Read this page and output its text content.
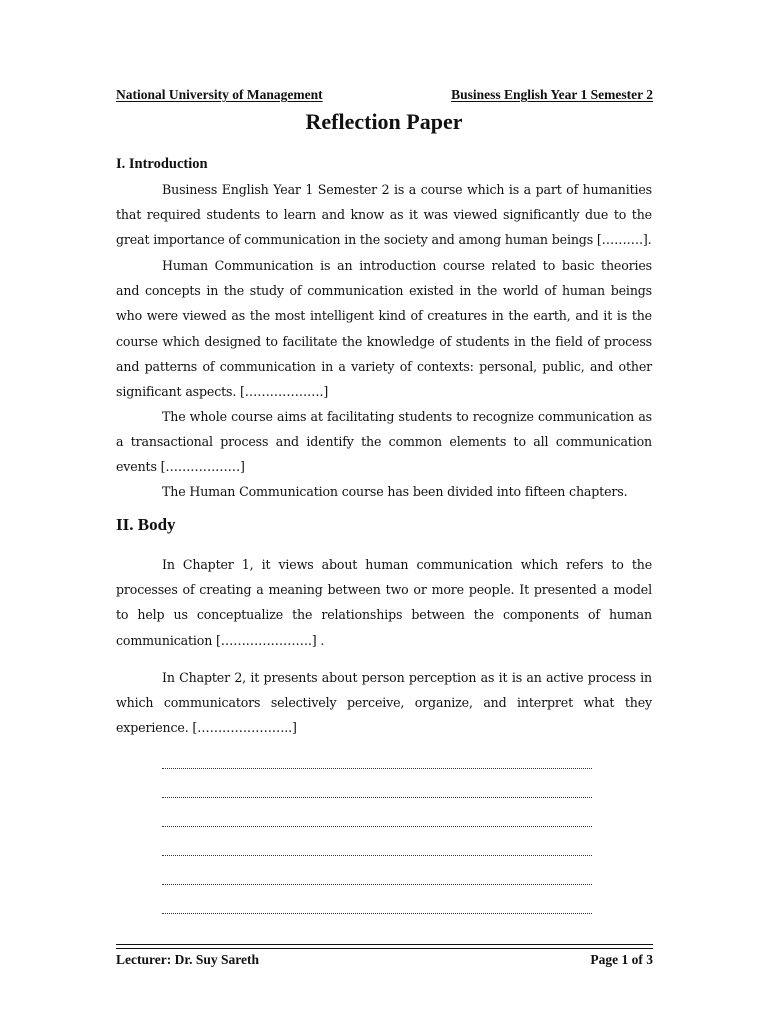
National University of Management	Business English Year 1 Semester 2
Reflection Paper
I. Introduction

Business English Year 1 Semester 2 is a course which is a part of humanities that required students to learn and know as it was viewed significantly due to the great importance of communication in the society and among human beings [……….].

Human Communication is an introduction course related to basic theories and concepts in the study of communication existed in the world of human beings who were viewed as the most intelligent kind of creatures in the earth, and it is the course which designed to facilitate the knowledge of students in the field of process and patterns of communication in a variety of contexts: personal, public, and other significant aspects. [……………….]

The whole course aims at facilitating students to recognize communication as a transactional process and identify the common elements to all communication events [………………]

The Human Communication course has been divided into fifteen chapters.

II. Body

In Chapter 1, it views about human communication which refers to the processes of creating a meaning between two or more people. It presented a model to help us conceptualize the relationships between the components of human communication [………………….] .

In Chapter 2, it presents about person perception as it is an active process in which communicators selectively perceive, organize, and interpret what they experience. […………………..]

Lecturer: Dr. Suy Sareth	Page 1 of 3
